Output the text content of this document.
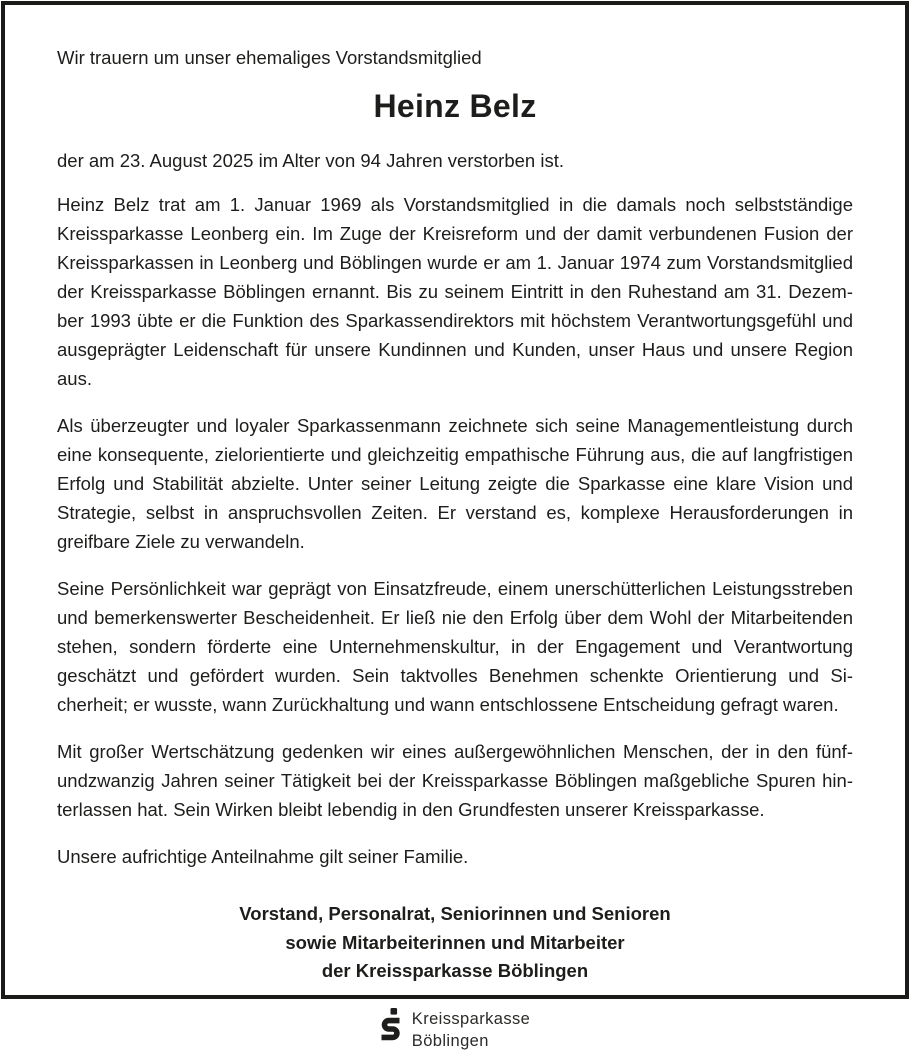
Wir trauern um unser ehemaliges Vorstandsmitglied

Heinz Belz

der am 23. August 2025 im Alter von 94 Jahren verstorben ist.

Heinz Belz trat am 1. Januar 1969 als Vorstandsmitglied in die damals noch selbstständige Kreissparkasse Leonberg ein. Im Zuge der Kreisreform und der damit verbundenen Fusion der Kreissparkassen in Leonberg und Böblingen wurde er am 1. Januar 1974 zum Vorstandsmitglied der Kreissparkasse Böblingen ernannt. Bis zu seinem Eintritt in den Ruhestand am 31. Dezember 1993 übte er die Funktion des Sparkassendirektors mit höchstem Verantwortungsgefühl und ausgeprägter Leidenschaft für unsere Kundinnen und Kunden, unser Haus und unsere Region aus.

Als überzeugter und loyaler Sparkassenmann zeichnete sich seine Managementleistung durch eine konsequente, zielorientierte und gleichzeitig empathische Führung aus, die auf langfristigen Erfolg und Stabilität abzielte. Unter seiner Leitung zeigte die Sparkasse eine klare Vision und Strategie, selbst in anspruchsvollen Zeiten. Er verstand es, komplexe Herausforderungen in greifbare Ziele zu verwandeln.

Seine Persönlichkeit war geprägt von Einsatzfreude, einem unerschütterlichen Leistungsstreben und bemerkenswerter Bescheidenheit. Er ließ nie den Erfolg über dem Wohl der Mitarbeitenden stehen, sondern förderte eine Unternehmenskultur, in der Engagement und Verantwortung geschätzt und gefördert wurden. Sein taktvolles Benehmen schenkte Orientierung und Sicherheit; er wusste, wann Zurückhaltung und wann entschlossene Entscheidung gefragt waren.

Mit großer Wertschätzung gedenken wir eines außergewöhnlichen Menschen, der in den fünfundzwanzig Jahren seiner Tätigkeit bei der Kreissparkasse Böblingen maßgebliche Spuren hinterlassen hat. Sein Wirken bleibt lebendig in den Grundfesten unserer Kreissparkasse.

Unsere aufrichtige Anteilnahme gilt seiner Familie.

Vorstand, Personalrat, Seniorinnen und Senioren
sowie Mitarbeiterinnen und Mitarbeiter
der Kreissparkasse Böblingen
Kreissparkasse
Böblingen
